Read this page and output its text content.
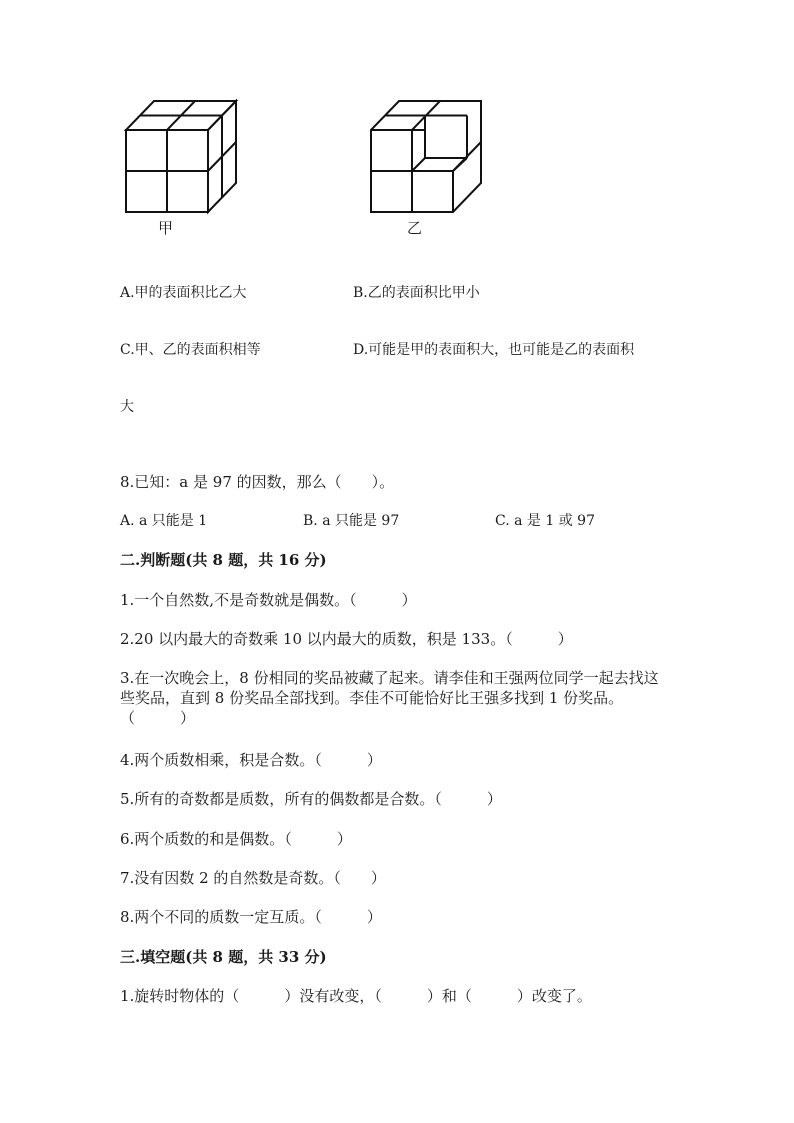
甲	乙
A.甲的表面积比乙大	B.乙的表面积比甲小
C.甲、乙的表面积相等	D.可能是甲的表面积大，也可能是乙的表面积
大
8.已知：a 是 97 的因数，那么（　　）。
A. a 只能是 1	B. a 只能是 97	C. a 是 1 或 97
二.判断题(共 8 题，共 16 分)
1.一个自然数,不是奇数就是偶数。（　　　）
2.20 以内最大的奇数乘 10 以内最大的质数，积是 133。（　　　）
3.在一次晚会上，8 份相同的奖品被藏了起来。请李佳和王强两位同学一起去找这些奖品，直到 8 份奖品全部找到。李佳不可能恰好比王强多找到 1 份奖品。（　　　）
4.两个质数相乘，积是合数。（　　　）
5.所有的奇数都是质数，所有的偶数都是合数。（　　　）
6.两个质数的和是偶数。（　　　）
7.没有因数 2 的自然数是奇数。（　　）
8.两个不同的质数一定互质。（　　　）
三.填空题(共 8 题，共 33 分)
1.旋转时物体的（　　　）没有改变，（　　　）和（　　　）改变了。
